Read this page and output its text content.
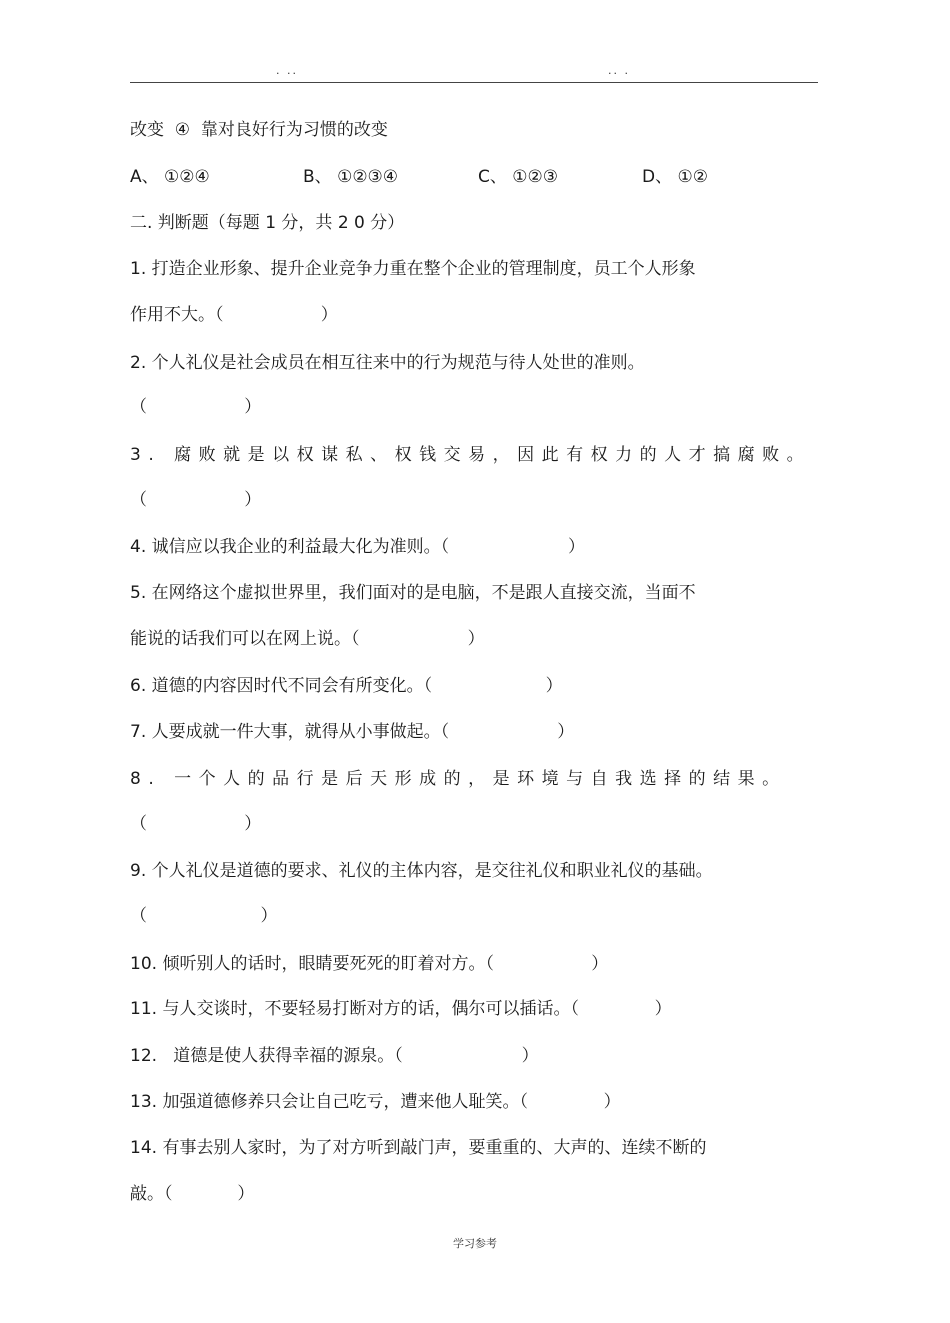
. ..	.. .
改变  ④  靠对良好行为习惯的改变
A、 ①②④	B、 ①②③④	C、 ①②③	D、 ①②
二. 判断题（每题 1 分，共 2 0 分）
1. 打造企业形象、提升企业竞争力重在整个企业的管理制度，员工个人形象
作用不大。（                  ）
2. 个人礼仪是社会成员在相互往来中的行为规范与待人处世的准则。
（                  ）
3. 腐败就是以权谋私、权钱交易，因此有权力的人才搞腐败。
（                  ）
4. 诚信应以我企业的利益最大化为准则。（                      ）
5. 在网络这个虚拟世界里，我们面对的是电脑，不是跟人直接交流，当面不
能说的话我们可以在网上说。（                    ）
6. 道德的内容因时代不同会有所变化。（                     ）
7. 人要成就一件大事，就得从小事做起。（                    ）
8. 一个人的品行是后天形成的，是环境与自我选择的结果。
（                  ）
9. 个人礼仪是道德的要求、礼仪的主体内容，是交往礼仪和职业礼仪的基础。
（                     ）
10. 倾听别人的话时，眼睛要死死的盯着对方。（                  ）
11. 与人交谈时，不要轻易打断对方的话，偶尔可以插话。（              ）
12.   道德是使人获得幸福的源泉。（                      ）
13. 加强道德修养只会让自己吃亏，遭来他人耻笑。（              ）
14. 有事去别人家时，为了对方听到敲门声，要重重的、大声的、连续不断的
敲。（            ）
学习参考
